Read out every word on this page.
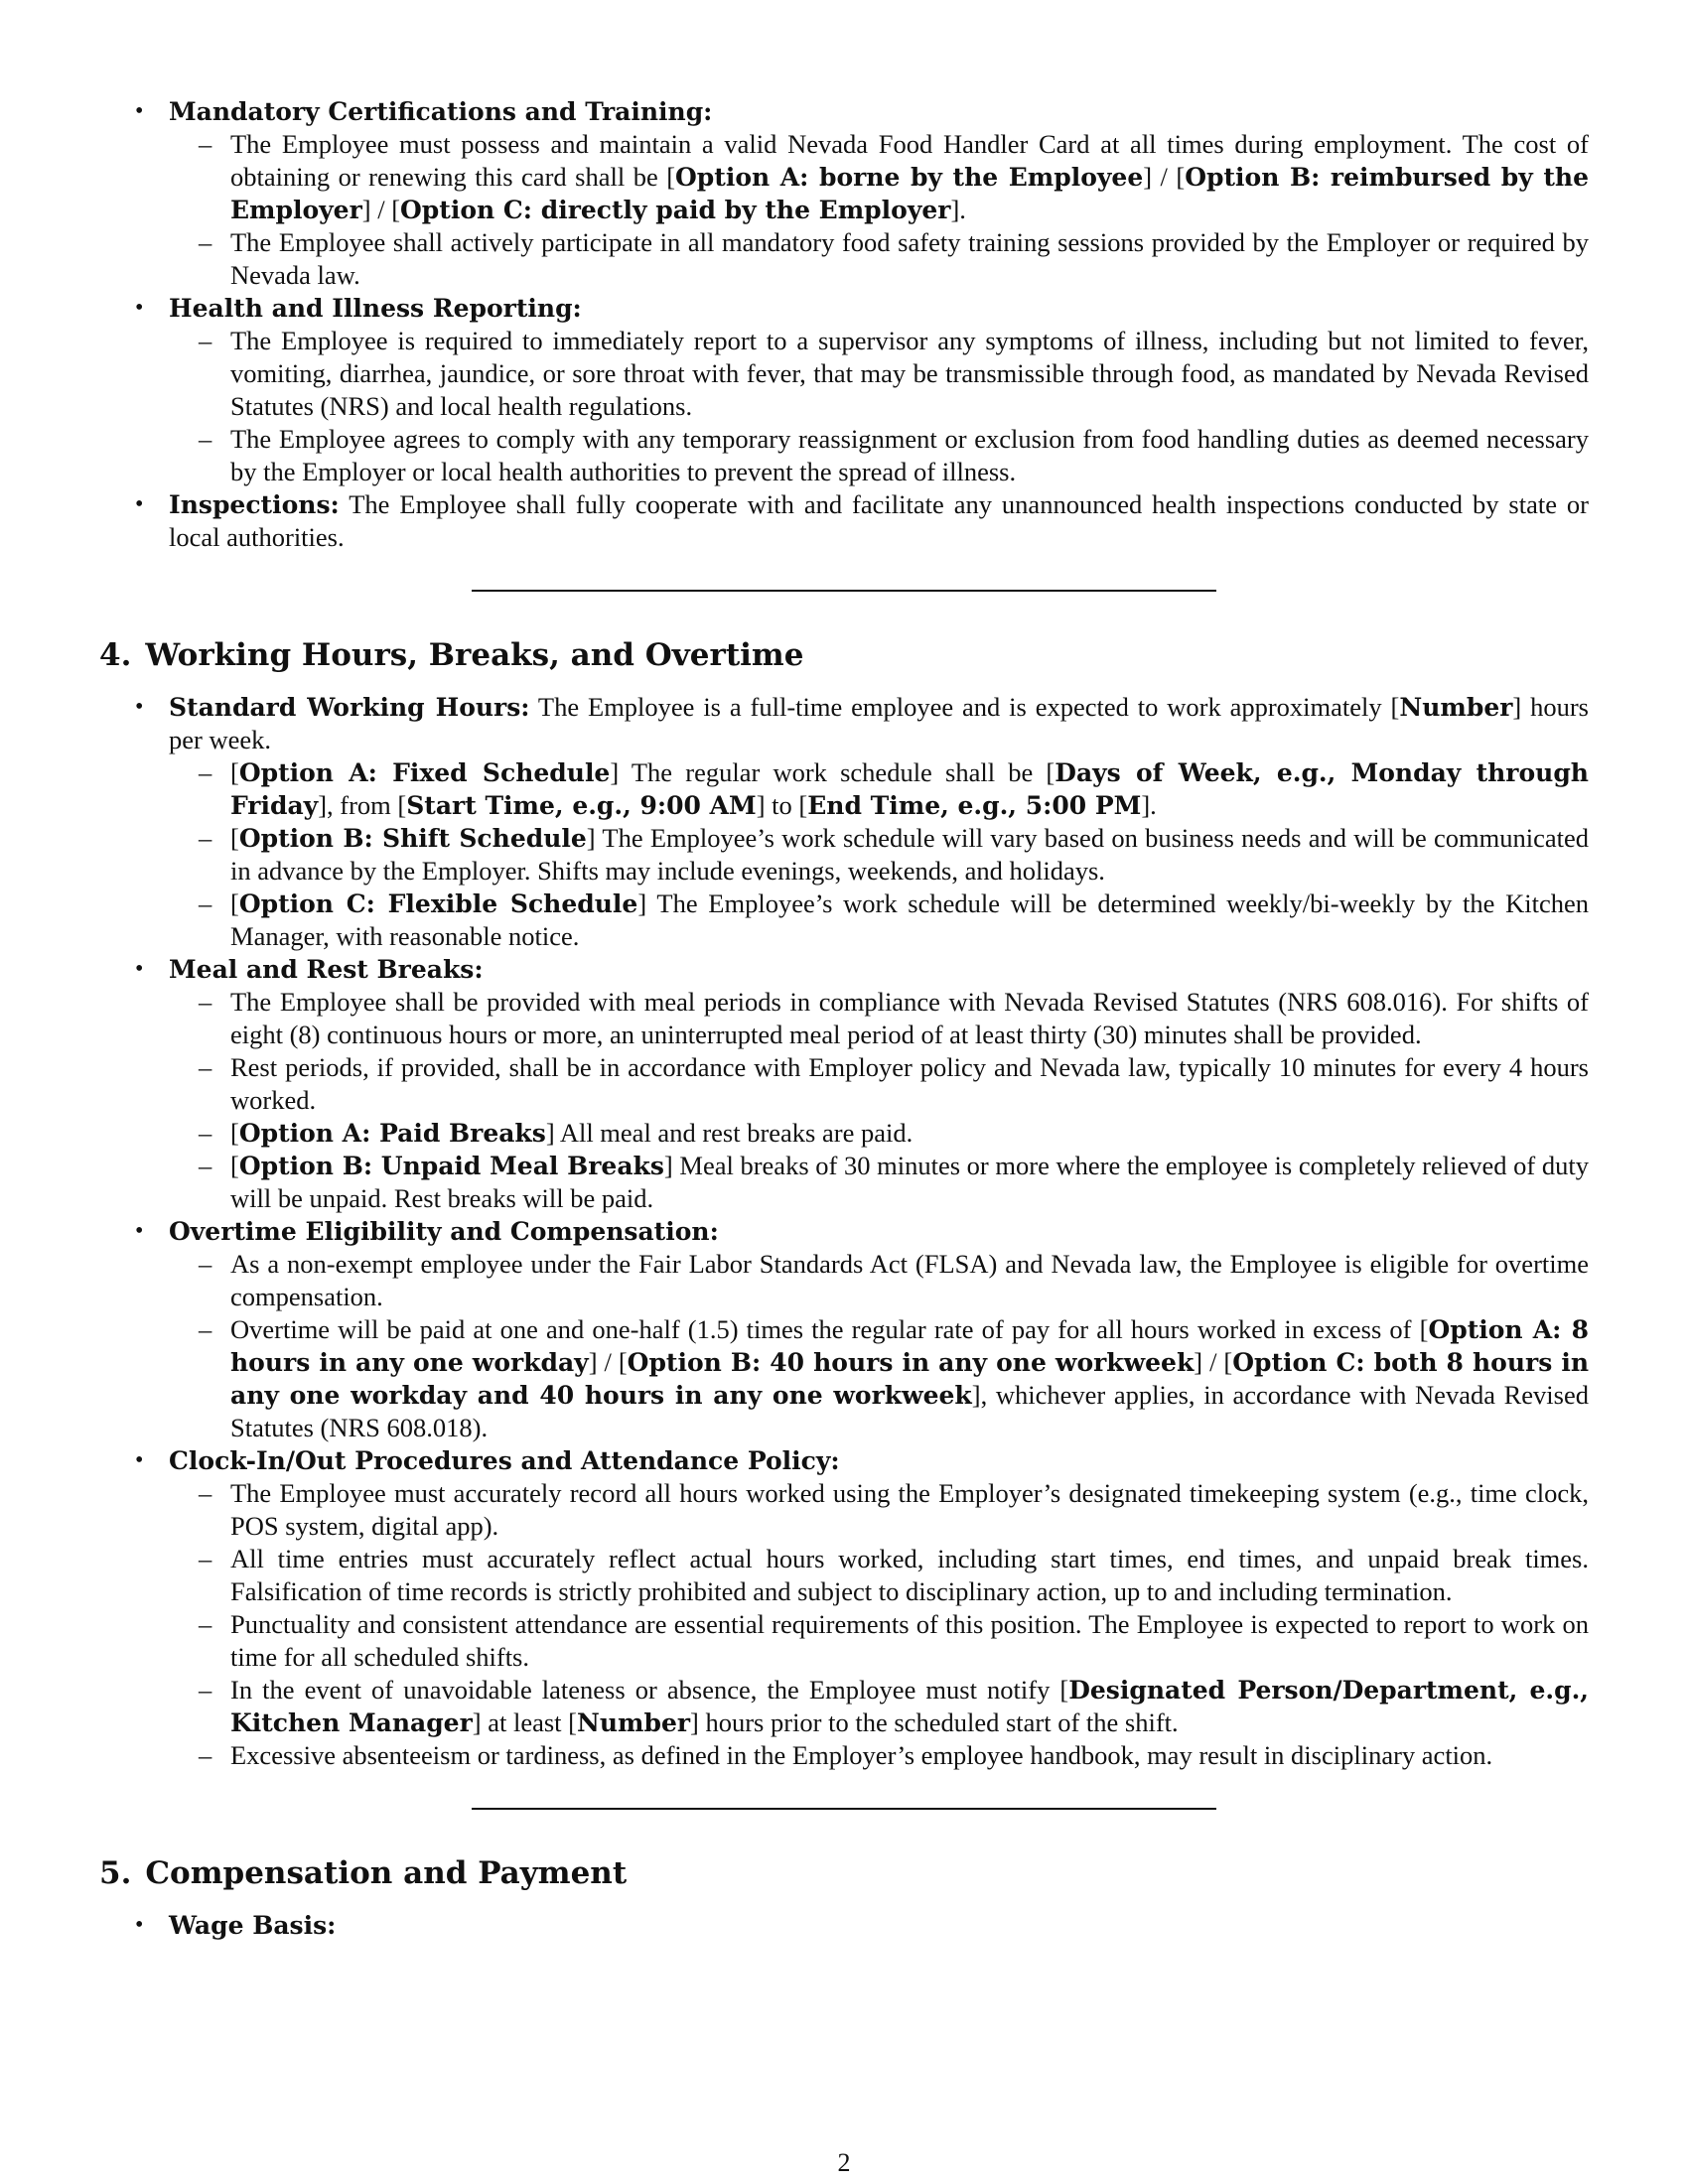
• Mandatory Certifications and Training:
– The Employee must possess and maintain a valid Nevada Food Handler Card at all times during employment. The cost of obtaining or renewing this card shall be [Option A: borne by the Employee] / [Option B: reimbursed by the Employer] / [Option C: directly paid by the Employer].
– The Employee shall actively participate in all mandatory food safety training sessions provided by the Employer or required by Nevada law.
• Health and Illness Reporting:
– The Employee is required to immediately report to a supervisor any symptoms of illness, including but not limited to fever, vomiting, diarrhea, jaundice, or sore throat with fever, that may be transmissible through food, as mandated by Nevada Revised Statutes (NRS) and local health regulations.
– The Employee agrees to comply with any temporary reassignment or exclusion from food handling duties as deemed necessary by the Employer or local health authorities to prevent the spread of illness.
• Inspections: The Employee shall fully cooperate with and facilitate any unannounced health inspections conducted by state or local authorities.
4. Working Hours, Breaks, and Overtime
• Standard Working Hours: The Employee is a full-time employee and is expected to work approximately [Number] hours per week.
– [Option A: Fixed Schedule] The regular work schedule shall be [Days of Week, e.g., Monday through Friday], from [Start Time, e.g., 9:00 AM] to [End Time, e.g., 5:00 PM].
– [Option B: Shift Schedule] The Employee’s work schedule will vary based on business needs and will be communicated in advance by the Employer. Shifts may include evenings, weekends, and holidays.
– [Option C: Flexible Schedule] The Employee’s work schedule will be determined weekly/bi-weekly by the Kitchen Manager, with reasonable notice.
• Meal and Rest Breaks:
– The Employee shall be provided with meal periods in compliance with Nevada Revised Statutes (NRS 608.016). For shifts of eight (8) continuous hours or more, an uninterrupted meal period of at least thirty (30) minutes shall be provided.
– Rest periods, if provided, shall be in accordance with Employer policy and Nevada law, typically 10 minutes for every 4 hours worked.
– [Option A: Paid Breaks] All meal and rest breaks are paid.
– [Option B: Unpaid Meal Breaks] Meal breaks of 30 minutes or more where the employee is completely relieved of duty will be unpaid. Rest breaks will be paid.
• Overtime Eligibility and Compensation:
– As a non-exempt employee under the Fair Labor Standards Act (FLSA) and Nevada law, the Employee is eligible for overtime compensation.
– Overtime will be paid at one and one-half (1.5) times the regular rate of pay for all hours worked in excess of [Option A: 8 hours in any one workday] / [Option B: 40 hours in any one workweek] / [Option C: both 8 hours in any one workday and 40 hours in any one workweek], whichever applies, in accordance with Nevada Revised Statutes (NRS 608.018).
• Clock-In/Out Procedures and Attendance Policy:
– The Employee must accurately record all hours worked using the Employer’s designated timekeeping system (e.g., time clock, POS system, digital app).
– All time entries must accurately reflect actual hours worked, including start times, end times, and unpaid break times. Falsification of time records is strictly prohibited and subject to disciplinary action, up to and including termination.
– Punctuality and consistent attendance are essential requirements of this position. The Employee is expected to report to work on time for all scheduled shifts.
– In the event of unavoidable lateness or absence, the Employee must notify [Designated Person/Department, e.g., Kitchen Manager] at least [Number] hours prior to the scheduled start of the shift.
– Excessive absenteeism or tardiness, as defined in the Employer’s employee handbook, may result in disciplinary action.
5. Compensation and Payment
• Wage Basis:
2
